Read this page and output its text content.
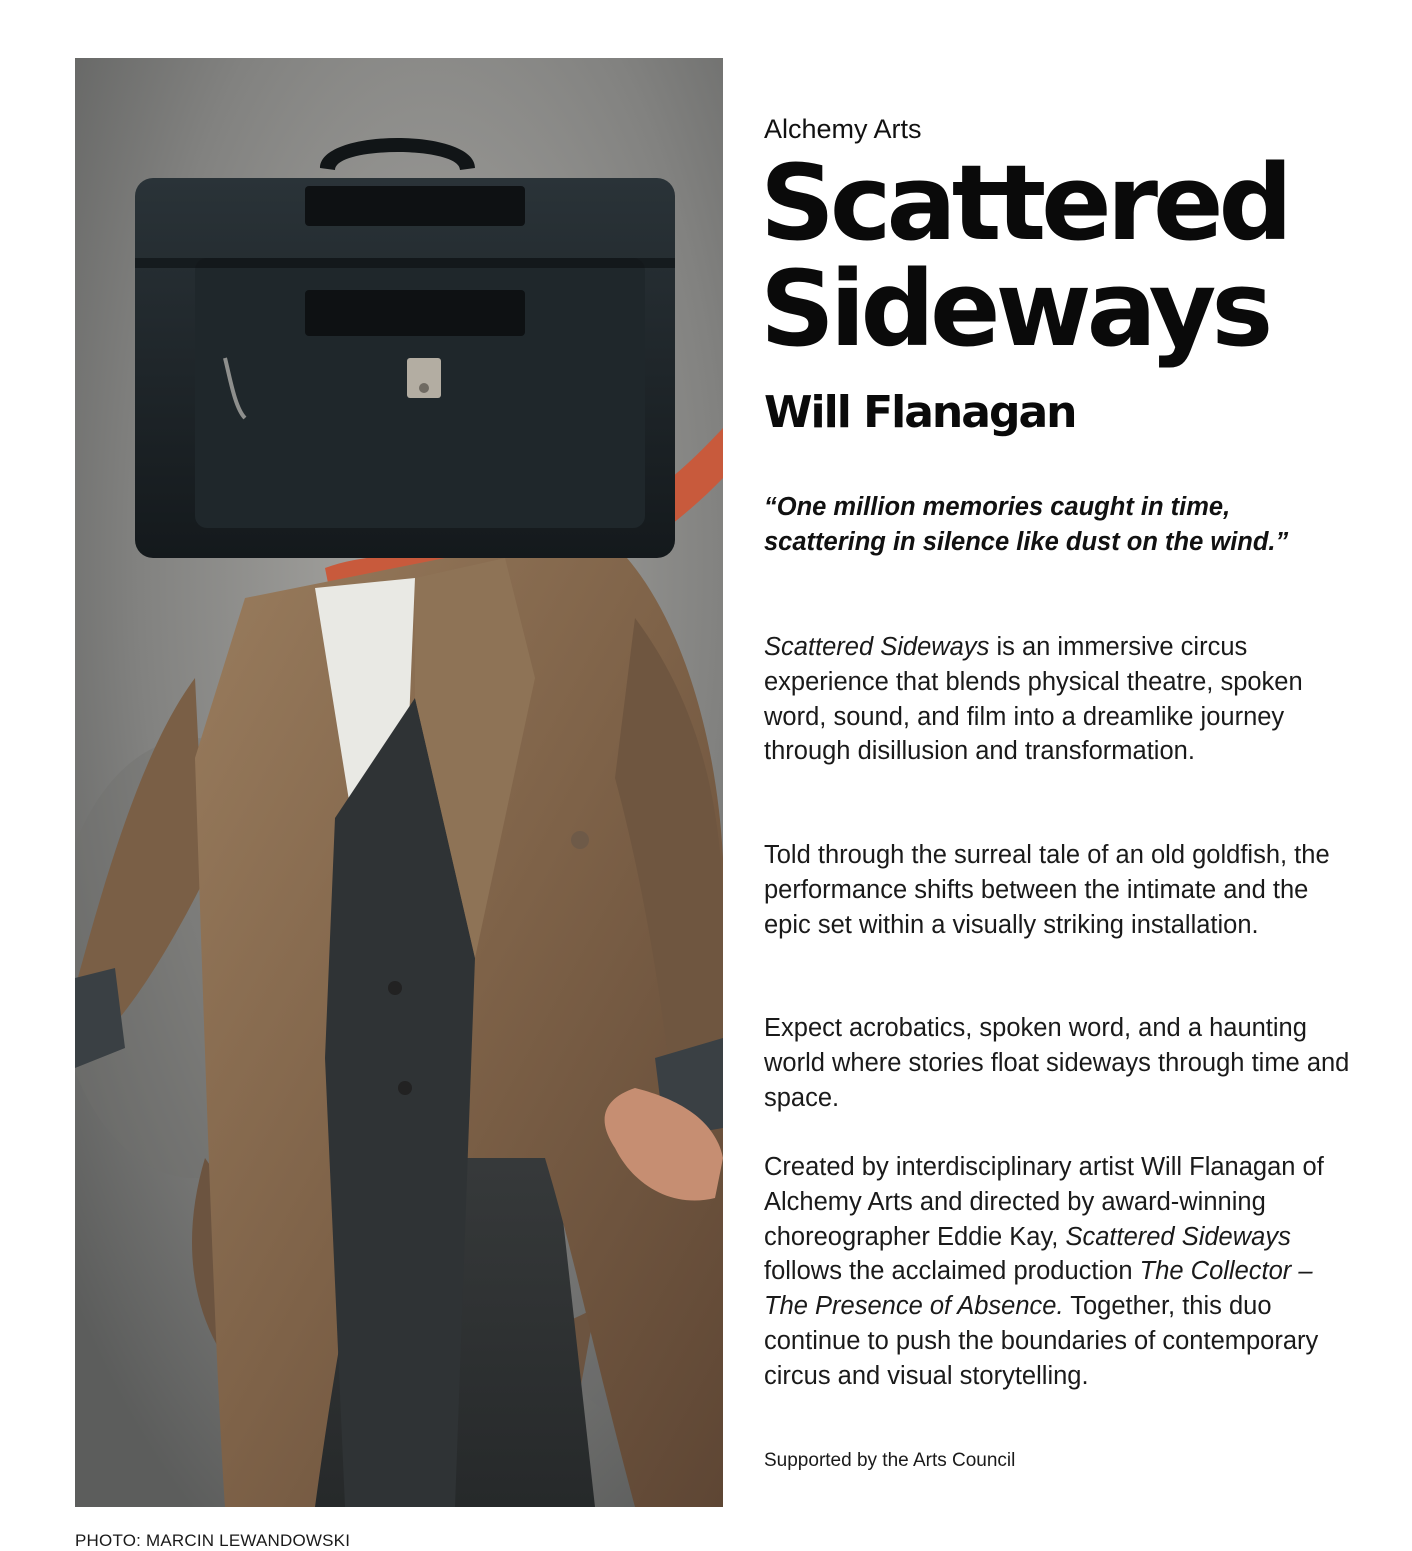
PHOTO: MARCIN LEWANDOWSKI
Alchemy Arts
Scattered
Sideways
Will Flanagan

“One million memories caught in time, scattering in silence like dust on the wind.”

Scattered Sideways is an immersive circus experience that blends physical theatre, spoken word, sound, and film into a dreamlike journey through disillusion and transformation.

Told through the surreal tale of an old goldfish, the performance shifts between the intimate and the epic set within a visually striking installation.

Expect acrobatics, spoken word, and a haunting world where stories float sideways through time and space.

Created by interdisciplinary artist Will Flanagan of Alchemy Arts and directed by award-winning choreographer Eddie Kay, Scattered Sideways follows the acclaimed production The Collector – The Presence of Absence. Together, this duo continue to push the boundaries of contemporary circus and visual storytelling.

Supported by the Arts Council
